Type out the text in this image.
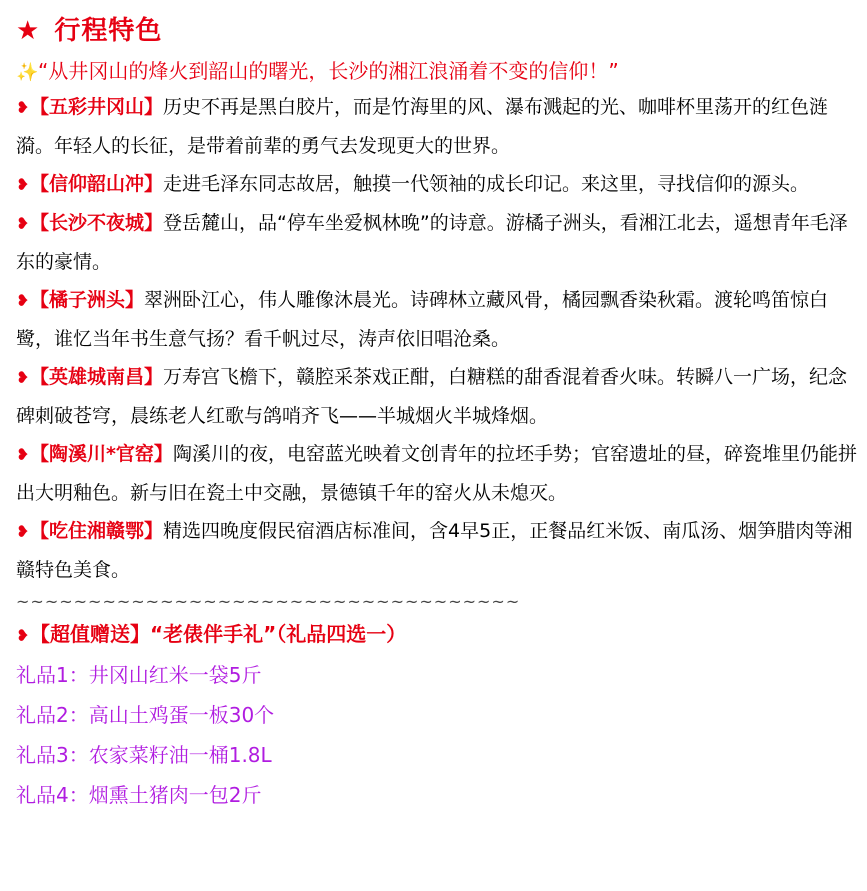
★ 行程特色
✨“从井冈山的烽火到韶山的曙光，长沙的湘江浪涌着不变的信仰！”

❥【五彩井冈山】历史不再是黑白胶片，而是竹海里的风、瀑布溅起的光、咖啡杯里荡开的红色涟漪。年轻人的长征，是带着前辈的勇气去发现更大的世界。

❥【信仰韶山冲】走进毛泽东同志故居，触摸一代领袖的成长印记。来这里，寻找信仰的源头。

❥【长沙不夜城】登岳麓山，品“停车坐爱枫林晚”的诗意。游橘子洲头，看湘江北去，遥想青年毛泽东的豪情。

❥【橘子洲头】翠洲卧江心，伟人雕像沐晨光。诗碑林立藏风骨，橘园飘香染秋霜。渡轮鸣笛惊白鹭，谁忆当年书生意气扬？看千帆过尽，涛声依旧唱沧桑。

❥【英雄城南昌】万寿宫飞檐下，赣腔采茶戏正酣，白糖糕的甜香混着香火味。转瞬八一广场，纪念碑刺破苍穹，晨练老人红歌与鸽哨齐飞——半城烟火半城烽烟。

❥【陶溪川*官窑】陶溪川的夜，电窑蓝光映着文创青年的拉坯手势；官窑遗址的昼，碎瓷堆里仍能拼出大明釉色。新与旧在瓷土中交融，景德镇千年的窑火从未熄灭。

❥【吃住湘赣鄂】精选四晚度假民宿酒店标准间，含4早5正，正餐品红米饭、南瓜汤、烟笋腊肉等湘赣特色美食。

~~~~~~~~~~~~~~~~~~~~~~~~~~~~~~~~~~~
❥【超值赠送】“老俵伴手礼”（礼品四选一）
礼品1：井冈山红米一袋5斤
礼品2：高山土鸡蛋一板30个
礼品3：农家菜籽油一桶1.8L
礼品4：烟熏土猪肉一包2斤
